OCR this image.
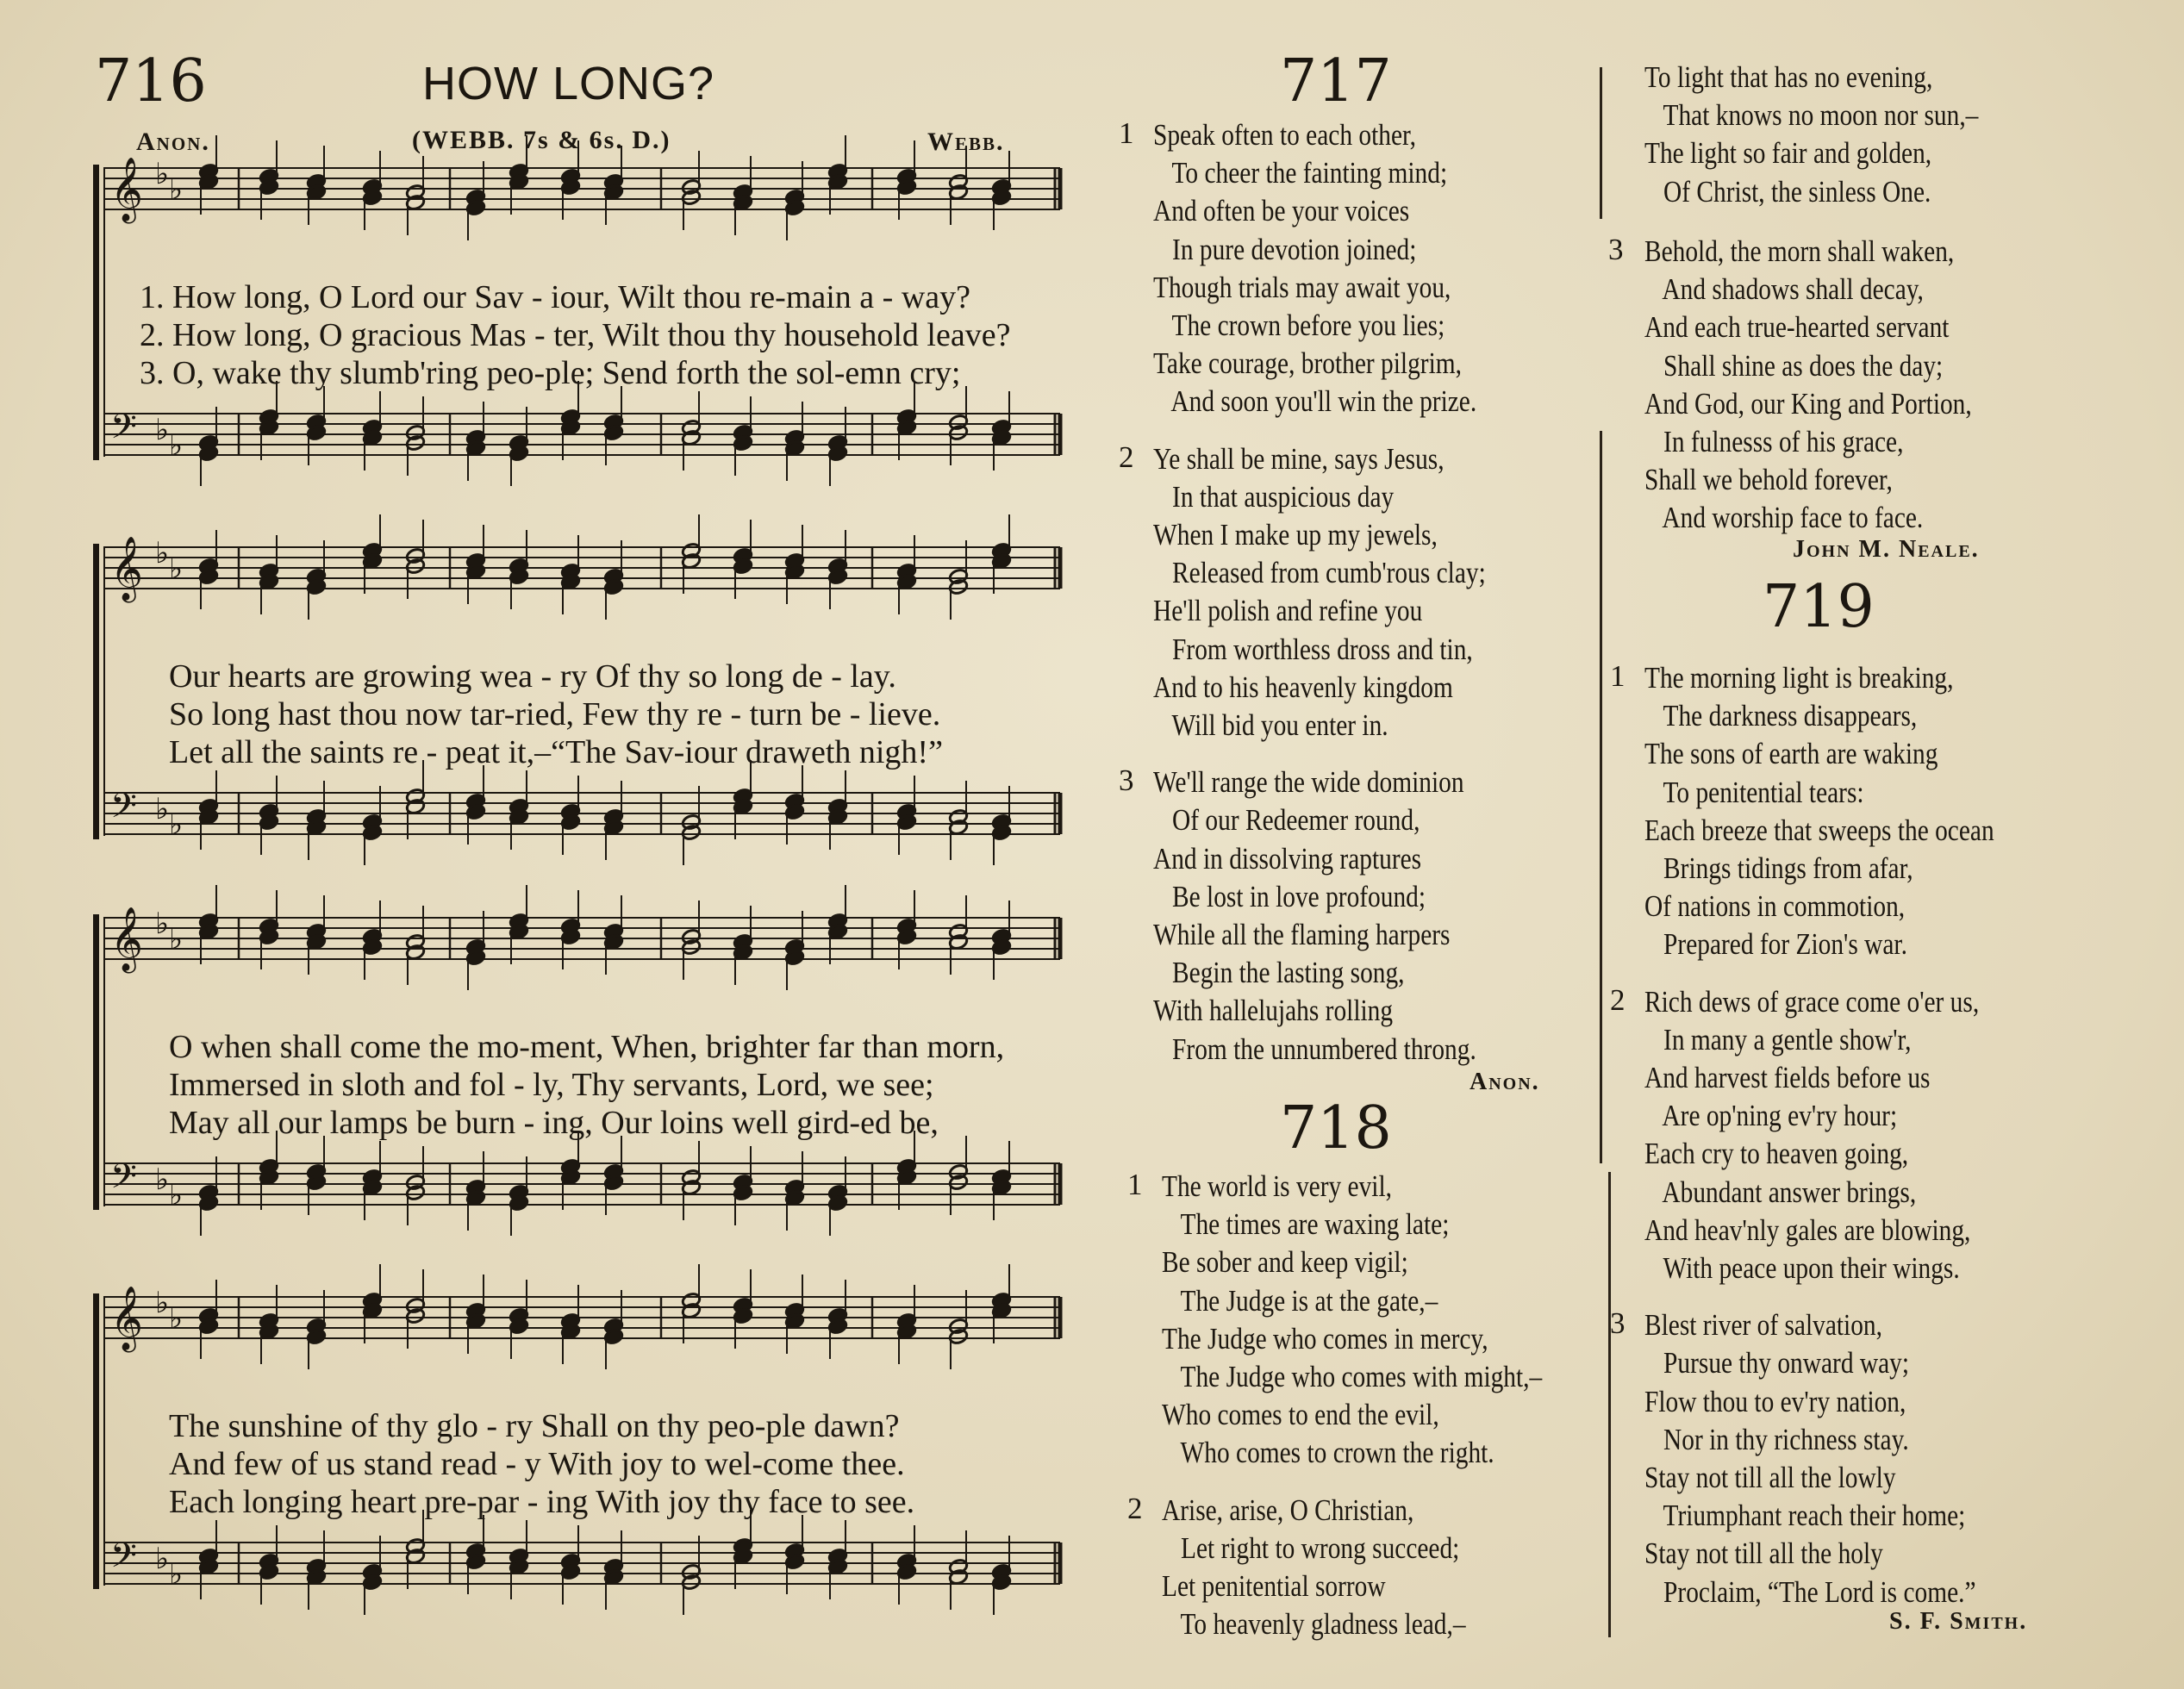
716	HOW LONG?
Anon.	(WEBB. 7s & 6s. D.)	Webb.
𝄞 ♭ ♭
𝄢 ♭ ♭
1. How long, O Lord our Sav - iour, Wilt thou re-main a - way?
2. How long, O gracious Mas - ter, Wilt thou thy household leave?
3. O, wake thy slumb'ring peo-ple; Send forth the sol-emn cry;
𝄞 ♭ ♭
𝄢 ♭ ♭
Our hearts are growing wea - ry Of thy so long de - lay.
So long hast thou now tar-ried, Few thy re - turn be - lieve.
Let all the saints re - peat it,–“The Sav-iour draweth nigh!”
𝄞 ♭ ♭
𝄢 ♭ ♭
O when shall come the mo-ment, When, brighter far than morn,
Immersed in sloth and fol - ly, Thy servants, Lord, we see;
May all our lamps be burn - ing, Our loins well gird-ed be,
𝄞 ♭ ♭
𝄢 ♭ ♭
The sunshine of thy glo - ry Shall on thy peo-ple dawn?
And few of us stand read - y With joy to wel-come thee.
Each longing heart pre-par - ing With joy thy face to see.
717
1 Speak often to each other,
To cheer the fainting mind;
And often be your voices
In pure devotion joined;
Though trials may await you,
The crown before you lies;
Take courage, brother pilgrim,
And soon you'll win the prize.
2 Ye shall be mine, says Jesus,
In that auspicious day
When I make up my jewels,
Released from cumb'rous clay;
He'll polish and refine you
From worthless dross and tin,
And to his heavenly kingdom
Will bid you enter in.
3 We'll range the wide dominion
Of our Redeemer round,
And in dissolving raptures
Be lost in love profound;
While all the flaming harpers
Begin the lasting song,
With hallelujahs rolling
From the unnumbered throng.
Anon.
718
1 The world is very evil,
The times are waxing late;
Be sober and keep vigil;
The Judge is at the gate,–
The Judge who comes in mercy,
The Judge who comes with might,–
Who comes to end the evil,
Who comes to crown the right.
2 Arise, arise, O Christian,
Let right to wrong succeed;
Let penitential sorrow
To heavenly gladness lead,–
To light that has no evening,
That knows no moon nor sun,–
The light so fair and golden,
Of Christ, the sinless One.
3 Behold, the morn shall waken,
And shadows shall decay,
And each true-hearted servant
Shall shine as does the day;
And God, our King and Portion,
In fulnesss of his grace,
Shall we behold forever,
And worship face to face.
John M. Neale.
719
1 The morning light is breaking,
The darkness disappears,
The sons of earth are waking
To penitential tears:
Each breeze that sweeps the ocean
Brings tidings from afar,
Of nations in commotion,
Prepared for Zion's war.
2 Rich dews of grace come o'er us,
In many a gentle show'r,
And harvest fields before us
Are op'ning ev'ry hour;
Each cry to heaven going,
Abundant answer brings,
And heav'nly gales are blowing,
With peace upon their wings.
3 Blest river of salvation,
Pursue thy onward way;
Flow thou to ev'ry nation,
Nor in thy richness stay.
Stay not till all the lowly
Triumphant reach their home;
Stay not till all the holy
Proclaim, “The Lord is come.”
S. F. Smith.
